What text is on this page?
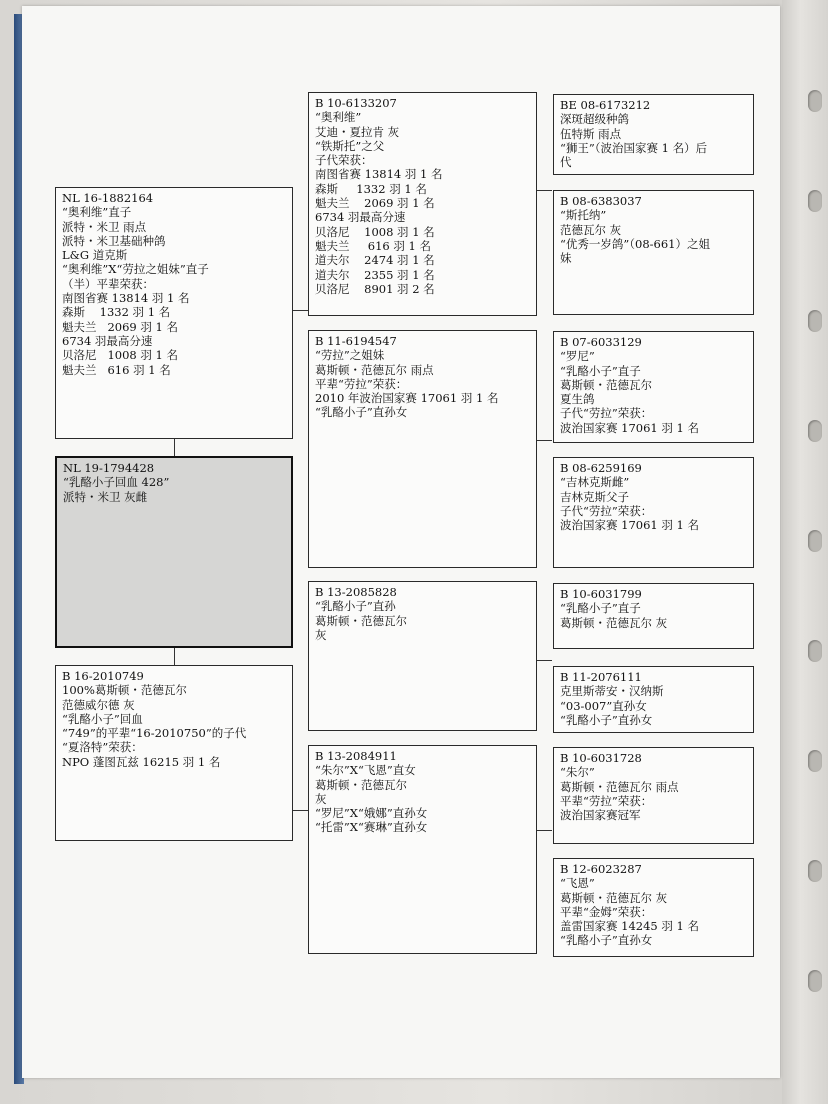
NL 19-1794428
“乳酪小子回血 428”
派特・米卫 灰雌
NL 16-1882164
“奥利维”直子
派特・米卫 雨点
派特・米卫基础种鸽
L&G 道克斯
“奥利维”X“劳拉之姐妹”直子
（半）平辈荣获：
南图省赛 13814 羽 1 名
森斯    1332 羽 1 名
魁夫兰   2069 羽 1 名
6734 羽最高分速
贝洛尼   1008 羽 1 名
魁夫兰   616 羽 1 名
B 16-2010749
100%葛斯顿・范德瓦尔
范德威尔德 灰
“乳酪小子”回血
“749”的平辈“16-2010750”的子代
“夏洛特”荣获：
NPO 蓬图瓦兹 16215 羽 1 名
B 10-6133207
“奥利维”
艾迪・夏拉肯 灰
“铁斯托”之父
子代荣获：
南图省赛 13814 羽 1 名
森斯     1332 羽 1 名
魁夫兰    2069 羽 1 名
6734 羽最高分速
贝洛尼    1008 羽 1 名
魁夫兰     616 羽 1 名
道夫尔    2474 羽 1 名
道夫尔    2355 羽 1 名
贝洛尼    8901 羽 2 名
B 11-6194547
“劳拉”之姐妹
葛斯顿・范德瓦尔 雨点
平辈“劳拉”荣获：
2010 年波治国家赛 17061 羽 1 名
“乳酪小子”直孙女
B 13-2085828
“乳酪小子”直孙
葛斯顿・范德瓦尔
灰
B 13-2084911
“朱尔”X“飞恩”直女
葛斯顿・范德瓦尔
灰
“罗尼”X“娥娜”直孙女
“托雷”X“赛琳”直孙女
BE 08-6173212
深斑超级种鸽
伍特斯 雨点
“狮王”（波治国家赛 1 名）后
代
B 08-6383037
“斯托纳”
范德瓦尔 灰
“优秀一岁鸽”（08-661）之姐
妹
B 07-6033129
“罗尼”
“乳酪小子”直子
葛斯顿・范德瓦尔
夏生鸽
子代“劳拉”荣获：
波治国家赛 17061 羽 1 名
B 08-6259169
“吉林克斯雌”
吉林克斯父子
子代“劳拉”荣获：
波治国家赛 17061 羽 1 名
B 10-6031799
“乳酪小子”直子
葛斯顿・范德瓦尔 灰
B 11-2076111
克里斯蒂安・汉纳斯
“03-007”直孙女
“乳酪小子”直孙女
B 10-6031728
“朱尔”
葛斯顿・范德瓦尔 雨点
平辈“劳拉”荣获：
波治国家赛冠军
B 12-6023287
“飞恩”
葛斯顿・范德瓦尔 灰
平辈“金姆”荣获：
盖雷国家赛 14245 羽 1 名
“乳酪小子”直孙女
